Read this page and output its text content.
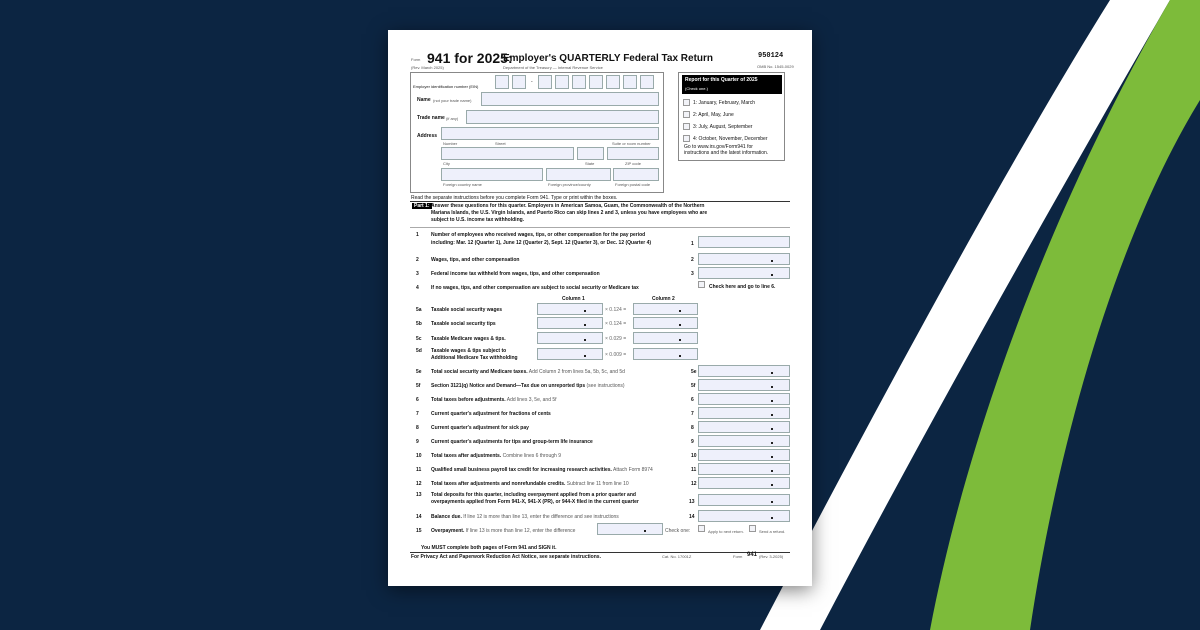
Form 941 for 2025:
Employer's QUARTERLY Federal Tax Return
(Rev. March 2025)	Department of the Treasury — Internal Revenue Service
950124
OMB No. 1545-0029
Employer identification number (EIN)
-
Name (not your trade name)
Trade name (if any)
Address
Number	Street	Suite or room number
City	State	ZIP code
Foreign country name	Foreign province/county	Foreign postal code
Report for this Quarter of 2025
(Check one.)
1: January, February, March
2: April, May, June
3: July, August, September
4: October, November, December
Go to www.irs.gov/Form941 for
instructions and the latest information.
Read the separate instructions before you complete Form 941. Type or print within the boxes.
Part 1: Answer these questions for this quarter. Employers in American Samoa, Guam, the Commonwealth of the Northern
Mariana Islands, the U.S. Virgin Islands, and Puerto Rico can skip lines 2 and 3, unless you have employees who are
subject to U.S. income tax withholding.
1 Number of employees who received wages, tips, or other compensation for the pay period
including: Mar. 12 (Quarter 1), June 12 (Quarter 2), Sept. 12 (Quarter 3), or Dec. 12 (Quarter 4)	1
2 Wages, tips, and other compensation	2
3 Federal income tax withheld from wages, tips, and other compensation	3
4 If no wages, tips, and other compensation are subject to social security or Medicare tax	Check here and go to line 6.
Column 1	Column 2
5a Taxable social security wages	× 0.124 =
5b Taxable social security tips	× 0.124 =
5c Taxable Medicare wages & tips.	× 0.029 =
5d Taxable wages & tips subject to
Additional Medicare Tax withholding	× 0.009 =
5e Total social security and Medicare taxes. Add Column 2 from lines 5a, 5b, 5c, and 5d	5e
5f Section 3121(q) Notice and Demand—Tax due on unreported tips (see instructions)	5f
6 Total taxes before adjustments. Add lines 3, 5e, and 5f	6
7 Current quarter's adjustment for fractions of cents	7
8 Current quarter's adjustment for sick pay	8
9 Current quarter's adjustments for tips and group-term life insurance	9
10 Total taxes after adjustments. Combine lines 6 through 9	10
11 Qualified small business payroll tax credit for increasing research activities. Attach Form 8974	11
12 Total taxes after adjustments and nonrefundable credits. Subtract line 11 from line 10	12
13 Total deposits for this quarter, including overpayment applied from a prior quarter and
overpayments applied from Form 941-X, 941-X (PR), or 944-X filed in the current quarter	13
Balance due. If line 12 is more than line 13, enter the difference and see instructions
14	14
Overpayment. If line 13 is more than line 12, enter the difference
15	Check one:	Apply to next return.	Send a refund.
You MUST complete both pages of Form 941 and SIGN it.
For Privacy Act and Paperwork Reduction Act Notice, see separate instructions.	Cat. No. 17001Z	Form 941 (Rev. 3-2025)
